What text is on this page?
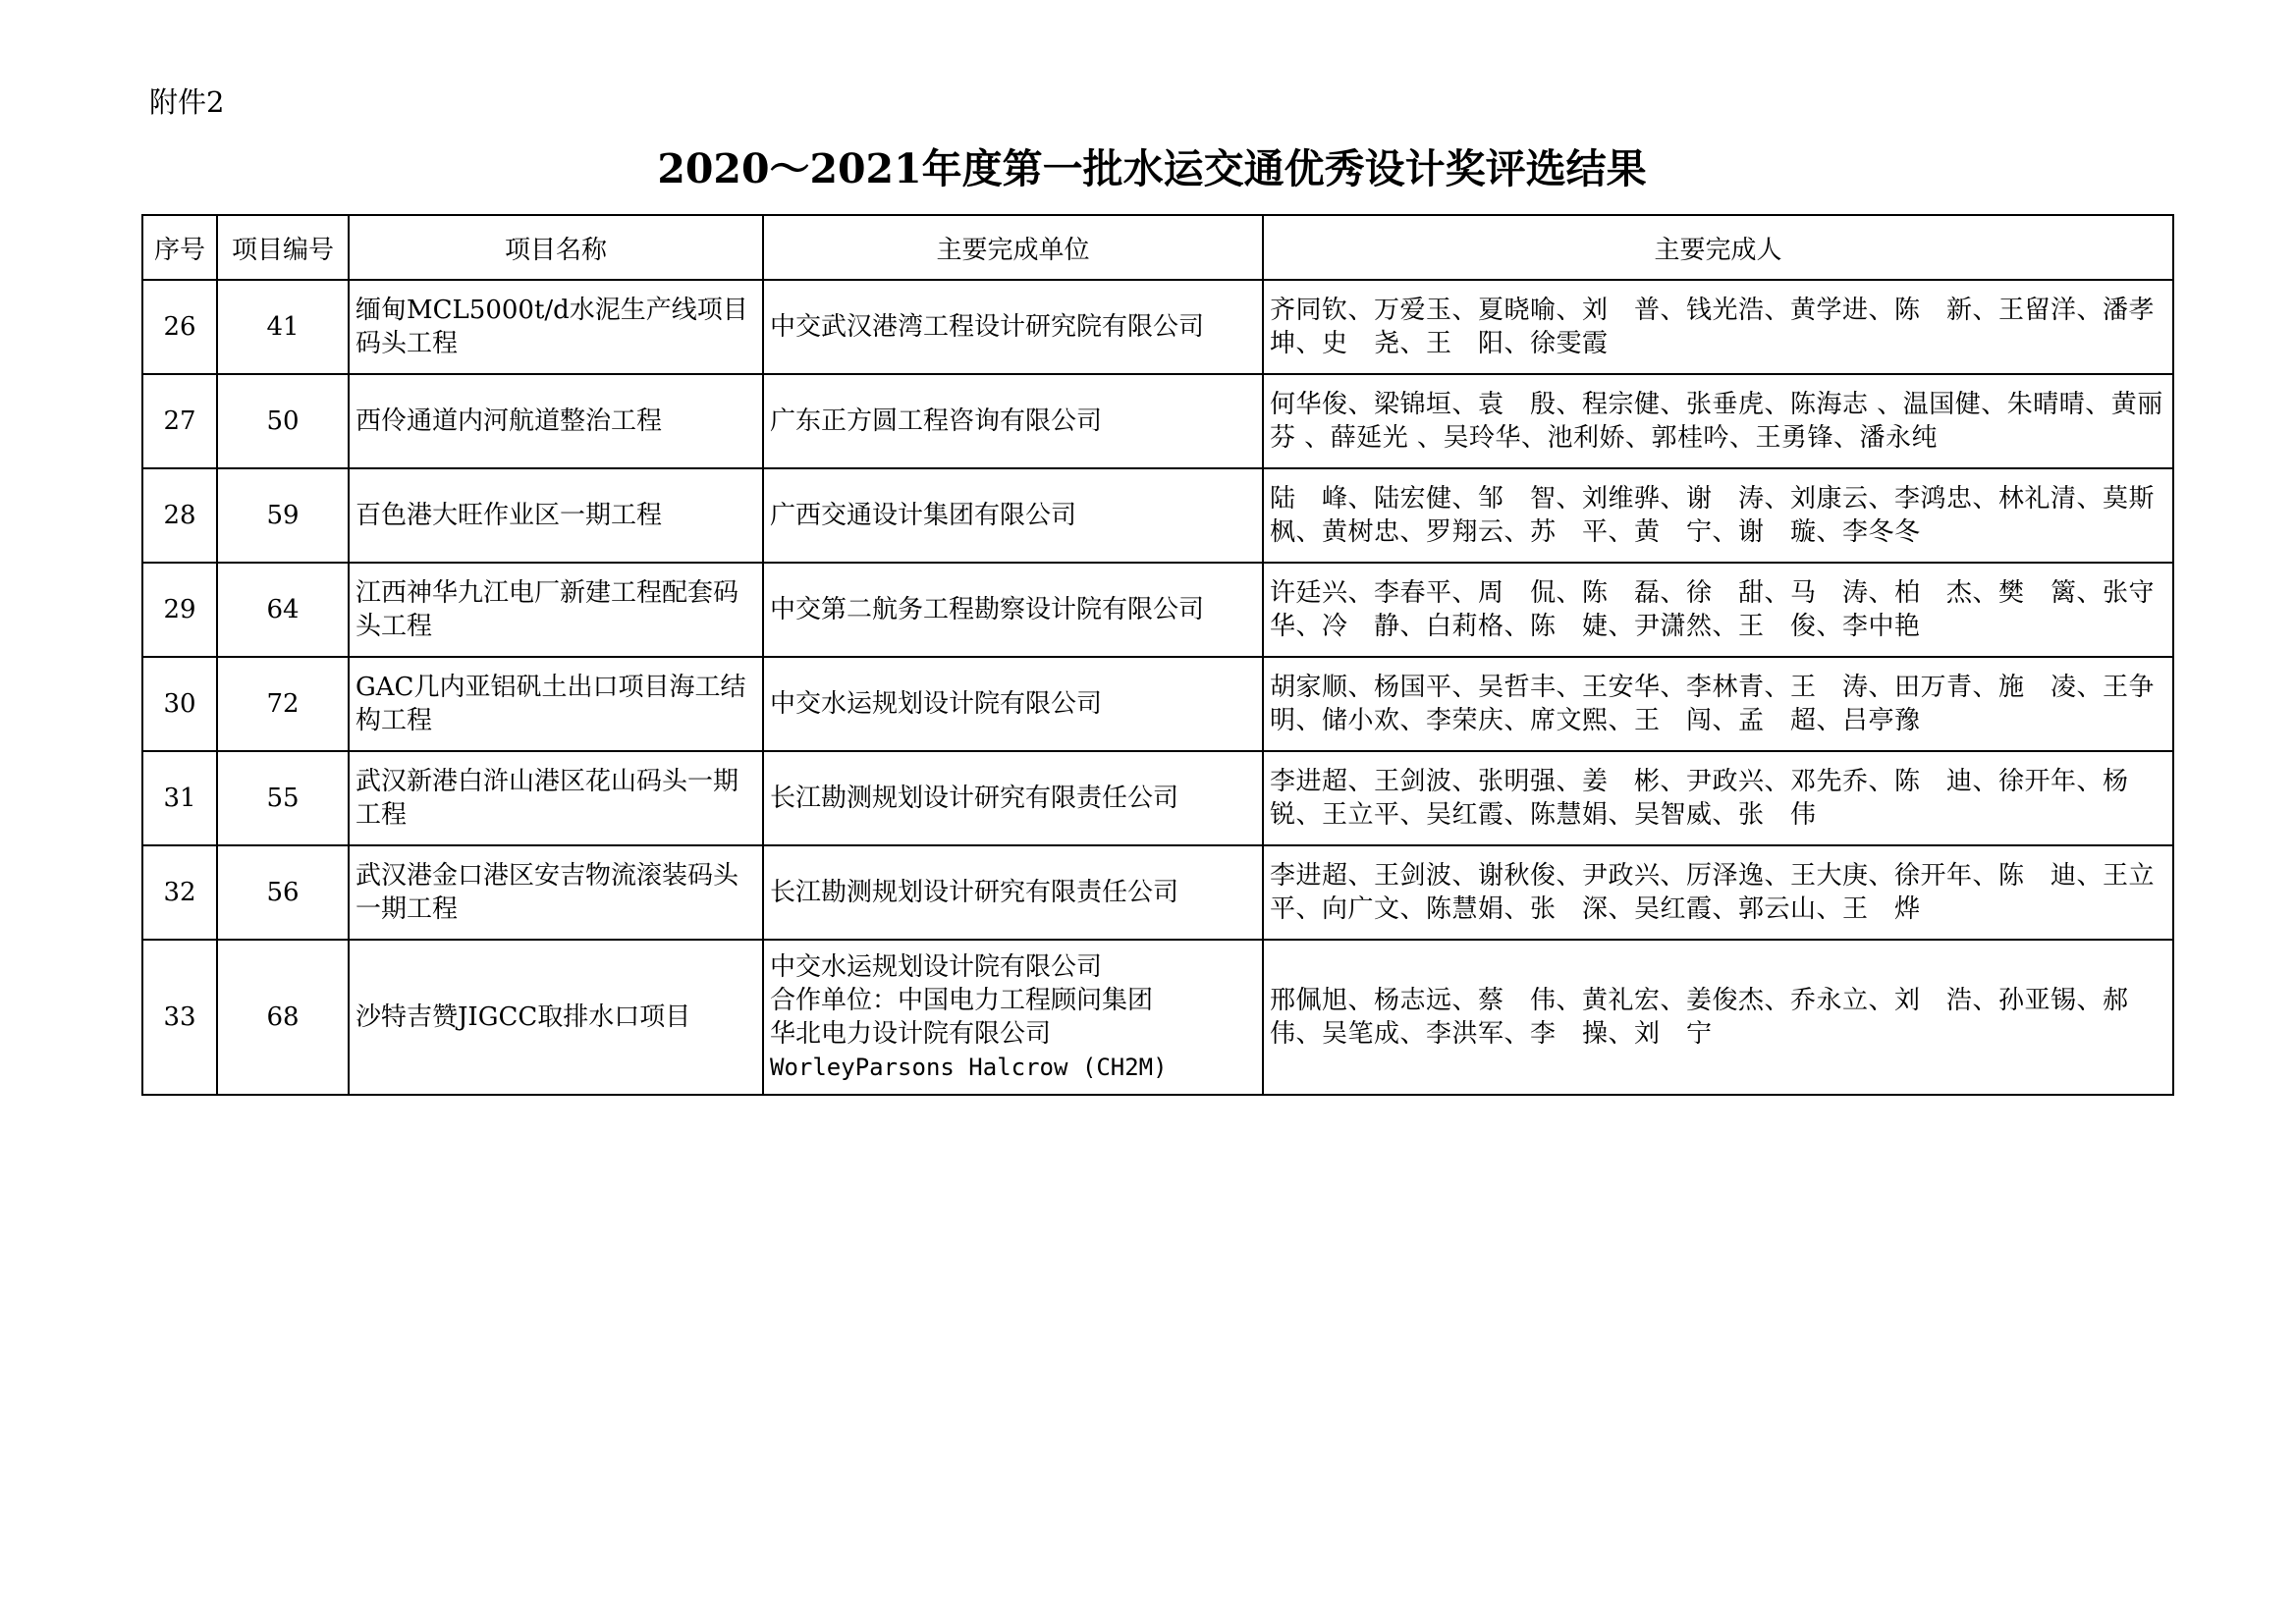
附件2
2020～2021年度第一批水运交通优秀设计奖评选结果
序号	项目编号	项目名称	主要完成单位	主要完成人
26	41	缅甸MCL5000t/d水泥生产线项目码头工程	中交武汉港湾工程设计研究院有限公司	齐同钦、万爱玉、夏晓喻、刘　普、钱光浩、黄学进、陈　新、王留洋、潘孝坤、史　尧、王　阳、徐雯霞
27	50	西伶通道内河航道整治工程	广东正方圆工程咨询有限公司	何华俊、梁锦垣、袁　殷、程宗健、张垂虎、陈海志 、温国健、朱晴晴、黄丽芬 、薛延光 、吴玲华、池利娇、郭桂吟、王勇锋、潘永纯
28	59	百色港大旺作业区一期工程	广西交通设计集团有限公司	陆　峰、陆宏健、邹　智、刘维骅、谢　涛、刘康云、李鸿忠、林礼清、莫斯枫、黄树忠、罗翔云、苏　平、黄　宁、谢　璇、李冬冬
29	64	江西神华九江电厂新建工程配套码头工程	中交第二航务工程勘察设计院有限公司	许廷兴、李春平、周　侃、陈　磊、徐　甜、马　涛、柏　杰、樊　篱、张守华、冷　静、白莉格、陈　婕、尹潇然、王　俊、李中艳
30	72	GAC几内亚铝矾土出口项目海工结构工程	中交水运规划设计院有限公司	胡家顺、杨国平、吴哲丰、王安华、李林青、王　涛、田万青、施　凌、王争明、储小欢、李荣庆、席文熙、王　闯、孟　超、吕亭豫
31	55	武汉新港白浒山港区花山码头一期工程	长江勘测规划设计研究有限责任公司	李进超、王剑波、张明强、姜　彬、尹政兴、邓先乔、陈　迪、徐开年、杨　锐、王立平、吴红霞、陈慧娟、吴智威、张　伟
32	56	武汉港金口港区安吉物流滚装码头一期工程	长江勘测规划设计研究有限责任公司	李进超、王剑波、谢秋俊、尹政兴、厉泽逸、王大庚、徐开年、陈　迪、王立平、向广文、陈慧娟、张　深、吴红霞、郭云山、王　烨
33	68	沙特吉赞JIGCC取排水口项目	中交水运规划设计院有限公司
合作单位：中国电力工程顾问集团
华北电力设计院有限公司
WorleyParsons Halcrow (CH2M)	邢佩旭、杨志远、蔡　伟、黄礼宏、姜俊杰、乔永立、刘　浩、孙亚锡、郝　伟、吴笔成、李洪军、李　操、刘　宁
